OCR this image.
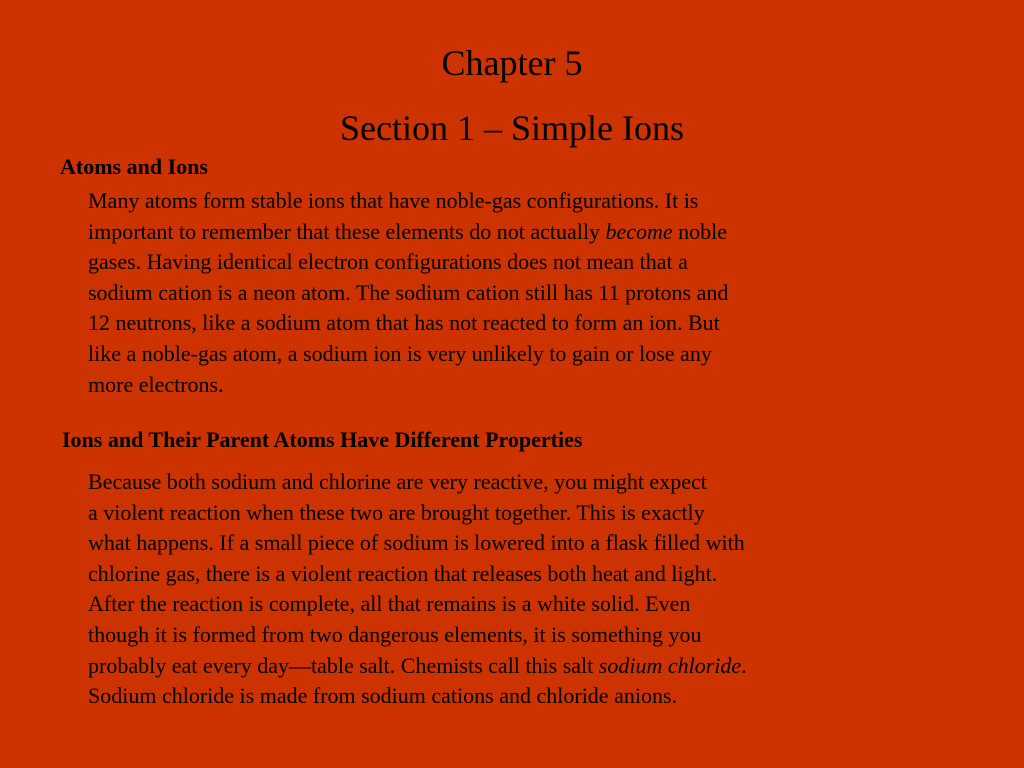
Chapter 5
Section 1 – Simple Ions
Atoms and Ions

Many atoms form stable ions that have noble-gas configurations. It is
important to remember that these elements do not actually become noble
gases. Having identical electron configurations does not mean that a
sodium cation is a neon atom. The sodium cation still has 11 protons and
12 neutrons, like a sodium atom that has not reacted to form an ion. But
like a noble-gas atom, a sodium ion is very unlikely to gain or lose any
more electrons.

Ions and Their Parent Atoms Have Different Properties

Because both sodium and chlorine are very reactive, you might expect
a violent reaction when these two are brought together. This is exactly
what happens. If a small piece of sodium is lowered into a flask filled with
chlorine gas, there is a violent reaction that releases both heat and light.
After the reaction is complete, all that remains is a white solid. Even
though it is formed from two dangerous elements, it is something you
probably eat every day—table salt. Chemists call this salt sodium chloride.
Sodium chloride is made from sodium cations and chloride anions.
